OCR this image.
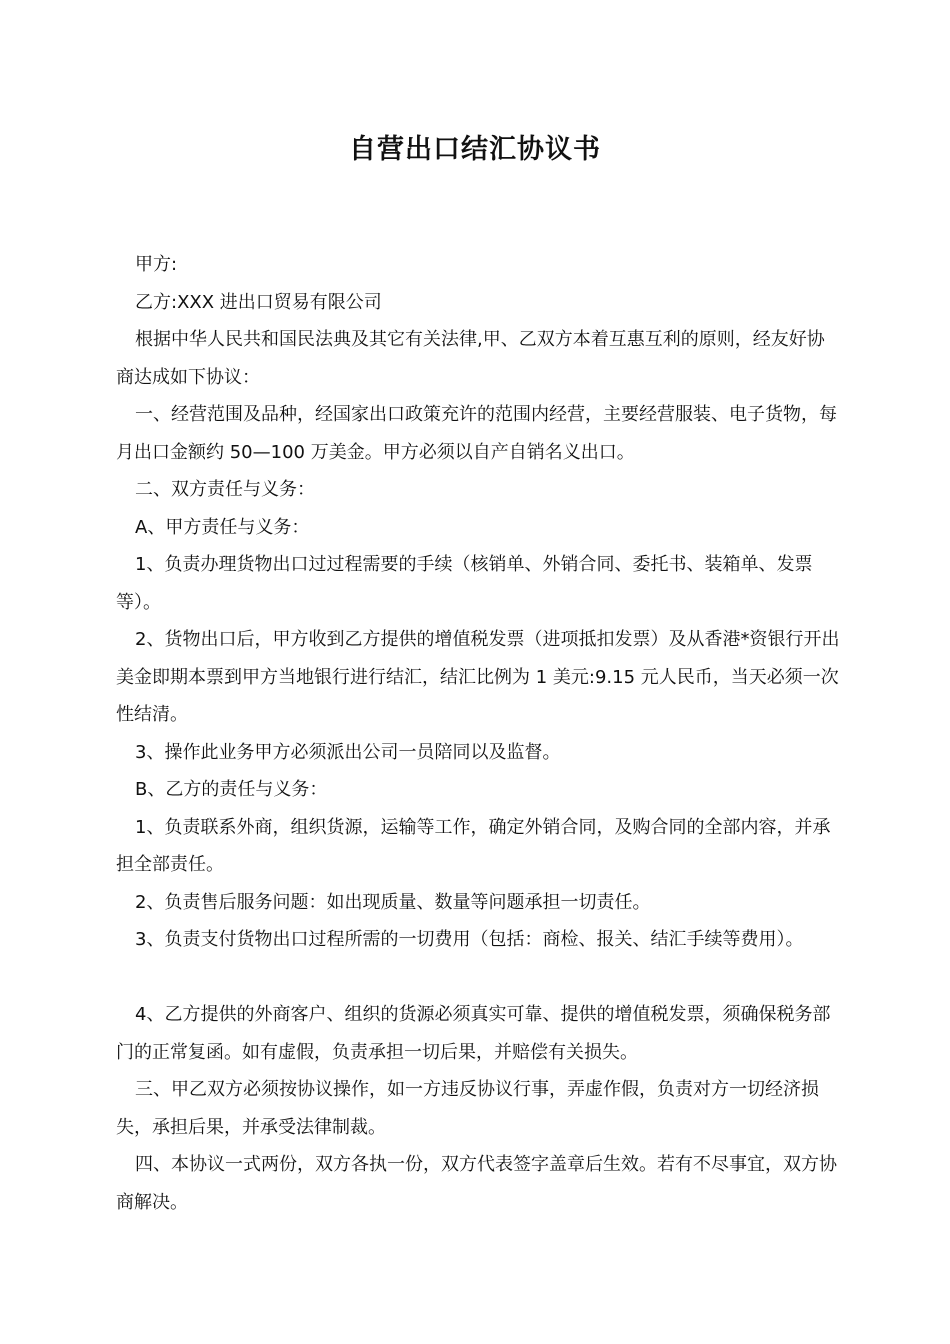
自营出口结汇协议书

甲方:

乙方:XXX 进出口贸易有限公司

根据中华人民共和国民法典及其它有关法律,甲、乙双方本着互惠互利的原则，经友好协商达成如下协议：

一、经营范围及品种，经国家出口政策充许的范围内经营，主要经营服装、电子货物，每月出口金额约 50—100 万美金。甲方必须以自产自销名义出口。

二、双方责任与义务：

A、甲方责任与义务：

1、负责办理货物出口过过程需要的手续（核销单、外销合同、委托书、装箱单、发票等）。

2、货物出口后，甲方收到乙方提供的增值税发票（进项抵扣发票）及从香港*资银行开出美金即期本票到甲方当地银行进行结汇，结汇比例为 1 美元:9.15 元人民币，当天必须一次性结清。

3、操作此业务甲方必须派出公司一员陪同以及监督。

B、乙方的责任与义务：

1、负责联系外商，组织货源，运输等工作，确定外销合同，及购合同的全部内容，并承担全部责任。

2、负责售后服务问题：如出现质量、数量等问题承担一切责任。

3、负责支付货物出口过程所需的一切费用（包括：商检、报关、结汇手续等费用）。

4、乙方提供的外商客户、组织的货源必须真实可靠、提供的增值税发票，须确保税务部门的正常复函。如有虚假，负责承担一切后果，并赔偿有关损失。

三、甲乙双方必须按协议操作，如一方违反协议行事，弄虚作假，负责对方一切经济损失，承担后果，并承受法律制裁。

四、本协议一式两份，双方各执一份，双方代表签字盖章后生效。若有不尽事宜，双方协商解决。
